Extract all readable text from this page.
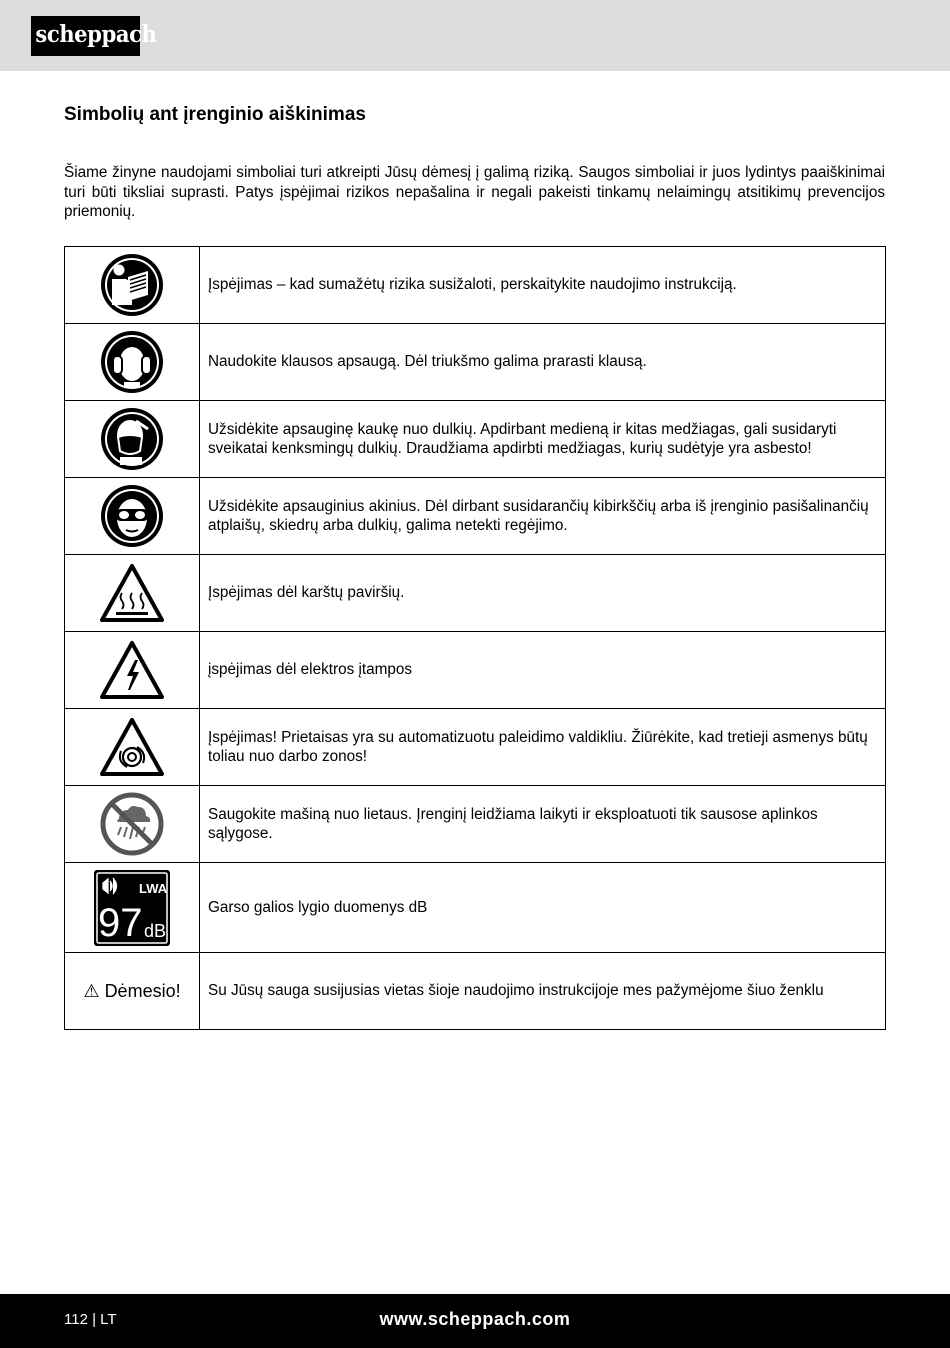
scheppach
Simbolių ant įrenginio aiškinimas

Šiame žinyne naudojami simboliai turi atkreipti Jūsų dėmesį į galimą riziką. Saugos simboliai ir juos lydintys paaiškinimai turi būti tiksliai suprasti. Patys įspėjimai rizikos nepašalina ir negali pakeisti tinkamų nelaimingų atsitikimų prevencijos priemonių.

	Įspėjimas – kad sumažėtų rizika susižaloti, perskaitykite naudojimo instrukciją.

	Naudokite klausos apsaugą. Dėl triukšmo galima prarasti klausą.

	Užsidėkite apsauginę kaukę nuo dulkių. Apdirbant medieną ir kitas medžiagas, gali susidaryti sveikatai kenksmingų dulkių. Draudžiama apdirbti medžiagas, kurių sudėtyje yra asbesto!

	Užsidėkite apsauginius akinius. Dėl dirbant susidarančių kibirkščių arba iš įrenginio pasišalinančių atplaišų, skiedrų arba dulkių, galima netekti regėjimo.

	Įspėjimas dėl karštų paviršių.

	įspėjimas dėl elektros įtampos

	Įspėjimas! Prietaisas yra su automatizuotu paleidimo valdikliu. Žiūrėkite, kad tretieji asmenys būtų toliau nuo darbo zonos!

	Saugokite mašiną nuo lietaus. Įrenginį leidžiama laikyti ir eksploatuoti tik sausose aplinkos sąlygose.

LWA
97 dB	Garso galios lygio duomenys dB
⚠ Dėmesio!	Su Jūsų sauga susijusias vietas šioje naudojimo instrukcijoje mes pažymėjome šiuo ženklu
112 | LT	www.scheppach.com
